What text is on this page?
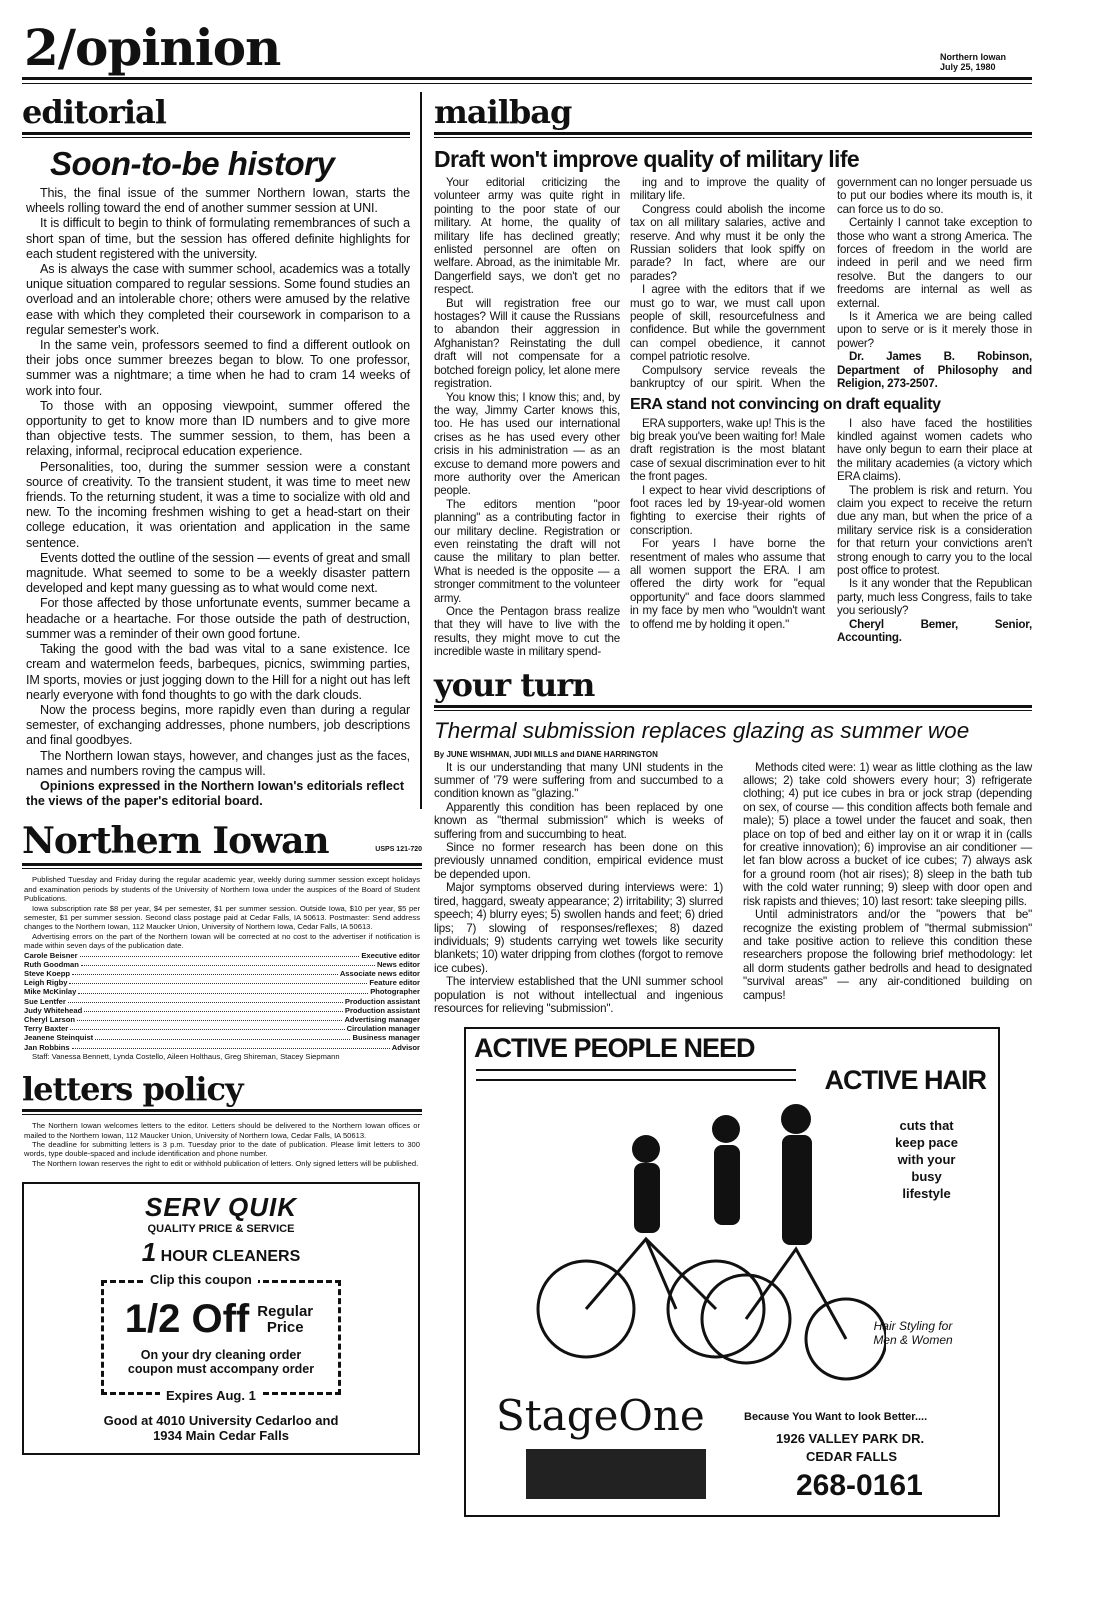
2/opinion	Northern Iowan
July 25, 1980
editorial
Soon-to-be history

This, the final issue of the summer Northern Iowan, starts the wheels rolling toward the end of another summer session at UNI.

It is difficult to begin to think of formulating remembrances of such a short span of time, but the session has offered definite highlights for each student registered with the university.

As is always the case with summer school, academics was a totally unique situation compared to regular sessions. Some found studies an overload and an intolerable chore; others were amused by the relative ease with which they completed their coursework in comparison to a regular semester's work.

In the same vein, professors seemed to find a different outlook on their jobs once summer breezes began to blow. To one professor, summer was a nightmare; a time when he had to cram 14 weeks of work into four.

To those with an opposing viewpoint, summer offered the opportunity to get to know more than ID numbers and to give more than objective tests. The summer session, to them, has been a relaxing, informal, reciprocal education experience.

Personalities, too, during the summer session were a constant source of creativity. To the transient student, it was time to meet new friends. To the returning student, it was a time to socialize with old and new. To the incoming freshmen wishing to get a head-start on their college education, it was orientation and application in the same sentence.

Events dotted the outline of the session — events of great and small magnitude. What seemed to some to be a weekly disaster pattern developed and kept many guessing as to what would come next.

For those affected by those unfortunate events, summer became a headache or a heartache. For those outside the path of destruction, summer was a reminder of their own good fortune.

Taking the good with the bad was vital to a sane existence. Ice cream and watermelon feeds, barbeques, picnics, swimming parties, IM sports, movies or just jogging down to the Hill for a night out has left nearly everyone with fond thoughts to go with the dark clouds.

Now the process begins, more rapidly even than during a regular semester, of exchanging addresses, phone numbers, job descriptions and final goodbyes.

The Northern Iowan stays, however, and changes just as the faces, names and numbers roving the campus will.

Opinions expressed in the Northern Iowan's editorials reflect the views of the paper's editorial board.
Northern Iowan	USPS 121-720

Published Tuesday and Friday during the regular academic year, weekly during summer session except holidays and examination periods by students of the University of Northern Iowa under the auspices of the Board of Student Publications.

Iowa subscription rate $8 per year, $4 per semester, $1 per summer session. Outside Iowa, $10 per year, $5 per semester, $1 per summer session. Second class postage paid at Cedar Falls, IA 50613. Postmaster: Send address changes to the Northern Iowan, 112 Maucker Union, University of Northern Iowa, Cedar Falls, IA 50613.

Advertising errors on the part of the Northern Iowan will be corrected at no cost to the advertiser if notification is made within seven days of the publication date.

Carole Beisner	Executive editor
Ruth Goodman	News editor
Steve Koepp	Associate news editor
Leigh Rigby	Feature editor
Mike McKinlay	Photographer
Sue Lentfer	Production assistant
Judy Whitehead	Production assistant
Cheryl Larson	Advertising manager
Terry Baxter	Circulation manager
Jeanene Steinquist	Business manager
Jan Robbins	Advisor
Staff: Vanessa Bennett, Lynda Costello, Aileen Holthaus, Greg Shireman, Stacey Siepmann
letters policy

The Northern Iowan welcomes letters to the editor. Letters should be delivered to the Northern Iowan offices or mailed to the Northern Iowan, 112 Maucker Union, University of Northern Iowa, Cedar Falls, IA 50613.

The deadline for submitting letters is 3 p.m. Tuesday prior to the date of publication. Please limit letters to 300 words, type double-spaced and include identification and phone number.

The Northern Iowan reserves the right to edit or withhold publication of letters. Only signed letters will be published.

SERV QUIK
QUALITY PRICE & SERVICE
1 HOUR CLEANERS
Clip this coupon
1/2 Off Regular Price
On your dry cleaning order
coupon must accompany order
Expires Aug. 1
Good at 4010 University Cedarloo and
1934 Main Cedar Falls
mailbag
Draft won't improve quality of military life

Your editorial criticizing the volunteer army was quite right in pointing to the poor state of our military. At home, the quality of military life has declined greatly; enlisted personnel are often on welfare. Abroad, as the inimitable Mr. Dangerfield says, we don't get no respect.

But will registration free our hostages? Will it cause the Russians to abandon their aggression in Afghanistan? Reinstating the dull draft will not compensate for a botched foreign policy, let alone mere registration.

You know this; I know this; and, by the way, Jimmy Carter knows this, too. He has used our international crises as he has used every other crisis in his administration — as an excuse to demand more powers and more authority over the American people.

The editors mention "poor planning" as a contributing factor in our military decline. Registration or even reinstating the draft will not cause the military to plan better. What is needed is the opposite — a stronger commitment to the volunteer army.

Once the Pentagon brass realize that they will have to live with the results, they might move to cut the incredible waste in military spend-

ing and to improve the quality of military life.

Congress could abolish the income tax on all military salaries, active and reserve. And why must it be only the Russian soliders that look spiffy on parade? In fact, where are our parades?

I agree with the editors that if we must go to war, we must call upon people of skill, resourcefulness and confidence. But while the government can compel obedience, it cannot compel patriotic resolve.

Compulsory service reveals the bankruptcy of our spirit. When the government can no longer persuade us to put our bodies where its mouth is, it can force us to do so.

Certainly I cannot take exception to those who want a strong America. The forces of freedom in the world are indeed in peril and we need firm resolve. But the dangers to our freedoms are internal as well as external.

Is it America we are being called upon to serve or is it merely those in power?

Dr. James B. Robinson, Department of Philosophy and Religion, 273-2507.

ERA stand not convincing on draft equality

ERA supporters, wake up! This is the big break you've been waiting for! Male draft registration is the most blatant case of sexual discrimination ever to hit the front pages.

I expect to hear vivid descriptions of foot races led by 19-year-old women fighting to exercise their rights of conscription.

For years I have borne the resentment of males who assume that all women support the ERA. I am offered the dirty work for "equal opportunity" and face doors slammed in my face by men who "wouldn't want to offend me by holding it open."

I also have faced the hostilities kindled against women cadets who have only begun to earn their place at the military academies (a victory which ERA claims).

The problem is risk and return. You claim you expect to receive the return due any man, but when the price of a military service risk is a consideration for that return your convictions aren't strong enough to carry you to the local post office to protest.

Is it any wonder that the Republican party, much less Congress, fails to take you seriously?

Cheryl Bemer, Senior, Accounting.

your turn
Thermal submission replaces glazing as summer woe
By JUNE WISHMAN, JUDI MILLS and DIANE HARRINGTON

It is our understanding that many UNI students in the summer of '79 were suffering from and succumbed to a condition known as "glazing."

Apparently this condition has been replaced by one known as "thermal submission" which is weeks of suffering from and succumbing to heat.

Since no former research has been done on this previously unnamed condition, empirical evidence must be depended upon.

Major symptoms observed during interviews were: 1) tired, haggard, sweaty appearance; 2) irritability; 3) slurred speech; 4) blurry eyes; 5) swollen hands and feet; 6) dried lips; 7) slowing of responses/reflexes; 8) dazed individuals; 9) students carrying wet towels like security blankets; 10) water dripping from clothes (forgot to remove ice cubes).

The interview established that the UNI summer school population is not without intellectual and ingenious resources for relieving "submission".

Methods cited were: 1) wear as little clothing as the law allows; 2) take cold showers every hour; 3) refrigerate clothing; 4) put ice cubes in bra or jock strap (depending on sex, of course — this condition affects both female and male); 5) place a towel under the faucet and soak, then place on top of bed and either lay on it or wrap it in (calls for creative innovation); 6) improvise an air conditioner — let fan blow across a bucket of ice cubes; 7) always ask for a ground room (hot air rises); 8) sleep in the bath tub with the cold water running; 9) sleep with door open and risk rapists and thieves; 10) last resort: take sleeping pills.

Until administrators and/or the "powers that be" recognize the existing problem of "thermal submission" and take positive action to relieve this condition these researchers propose the following brief methodology: let all dorm students gather bedrolls and head to designated "survival areas" — any air-conditioned building on campus!

ACTIVE PEOPLE NEED
ACTIVE HAIR
cuts that
keep pace
with your
busy
lifestyle
Hair Styling for Men & Women
StageOne	Because You Want to look Better....
1926 VALLEY PARK DR.
CEDAR FALLS
268-0161
